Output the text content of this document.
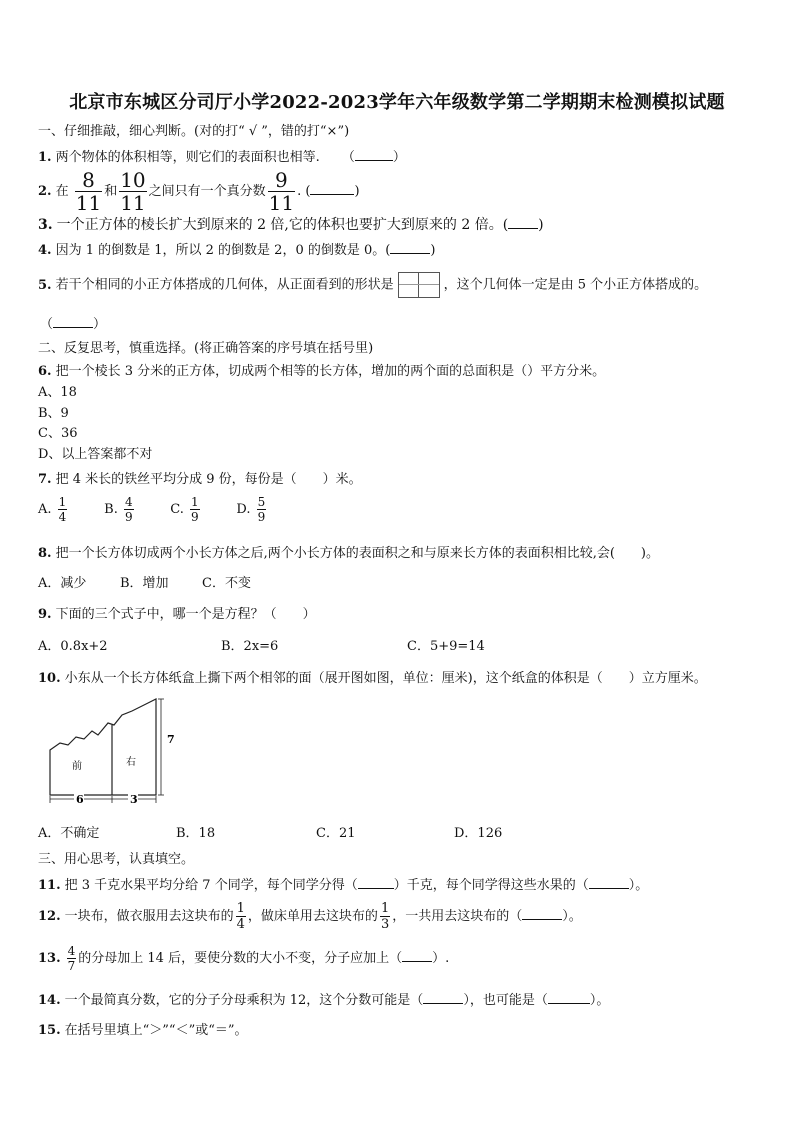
北京市东城区分司厅小学2022-2023学年六年级数学第二学期期末检测模拟试题
一、仔细推敲，细心判断。(对的打“ √ ”，错的打“×”)
1. 两个物体的体积相等，则它们的表面积也相等. （	）
2. 在 $\frac{8}{11}$ 和 $\frac{10}{11}$ 之间只有一个真分数 $\frac{9}{11}$ . (	)
3. 一个正方体的棱长扩大到原来的 2 倍,它的体积也要扩大到原来的 2 倍。( )
4. 因为 1 的倒数是 1，所以 2 的倒数是 2，0 的倒数是 0。(	)
5. 若干个相同的小正方体搭成的几何体，从正面看到的形状是	，这个几何体一定是由 5 个小正方体搭成的。
（	）
二、反复思考，慎重选择。(将正确答案的序号填在括号里)
6. 把一个棱长 3 分米的正方体，切成两个相等的长方体，增加的两个面的总面积是（）平方分米。
A、18
B、9
C、36
D、以上答案都不对
7. 把 4 米长的铁丝平均分成 9 份，每份是（　　）米。
A. $\frac{1}{4}$	B. $\frac{4}{9}$	C. $\frac{1}{9}$	D. $\frac{5}{9}$
8. 把一个长方体切成两个小长方体之后,两个小长方体的表面积之和与原来长方体的表面积相比较,会(　　)。
A．减少	B．增加	C．不变
9. 下面的三个式子中，哪一个是方程？（　　）
A．0.8x+2	B．2x=6	C．5+9=14
10. 小东从一个长方体纸盒上撕下两个相邻的面（展开图如图，单位：厘米)，这个纸盒的体积是（　　）立方厘米。
7
6	3
前	右
A．不确定	B．18	C．21	D．126
三、用心思考，认真填空。
11. 把 3 千克水果平均分给 7 个同学，每个同学分得（	）千克，每个同学得这些水果的（	）。
12. 一块布，做衣服用去这块布的 $\frac{1}{4}$ ，做床单用去这块布的 $\frac{1}{3}$ ，一共用去这块布的（	）。
13. $\frac{4}{7}$ 的分母加上 14 后，要使分数的大小不变，分子应加上（ ）.
14. 一个最简真分数，它的分子分母乘积为 12，这个分数可能是（	），也可能是（	）。
15. 在括号里填上“＞”“＜”或“＝”。
